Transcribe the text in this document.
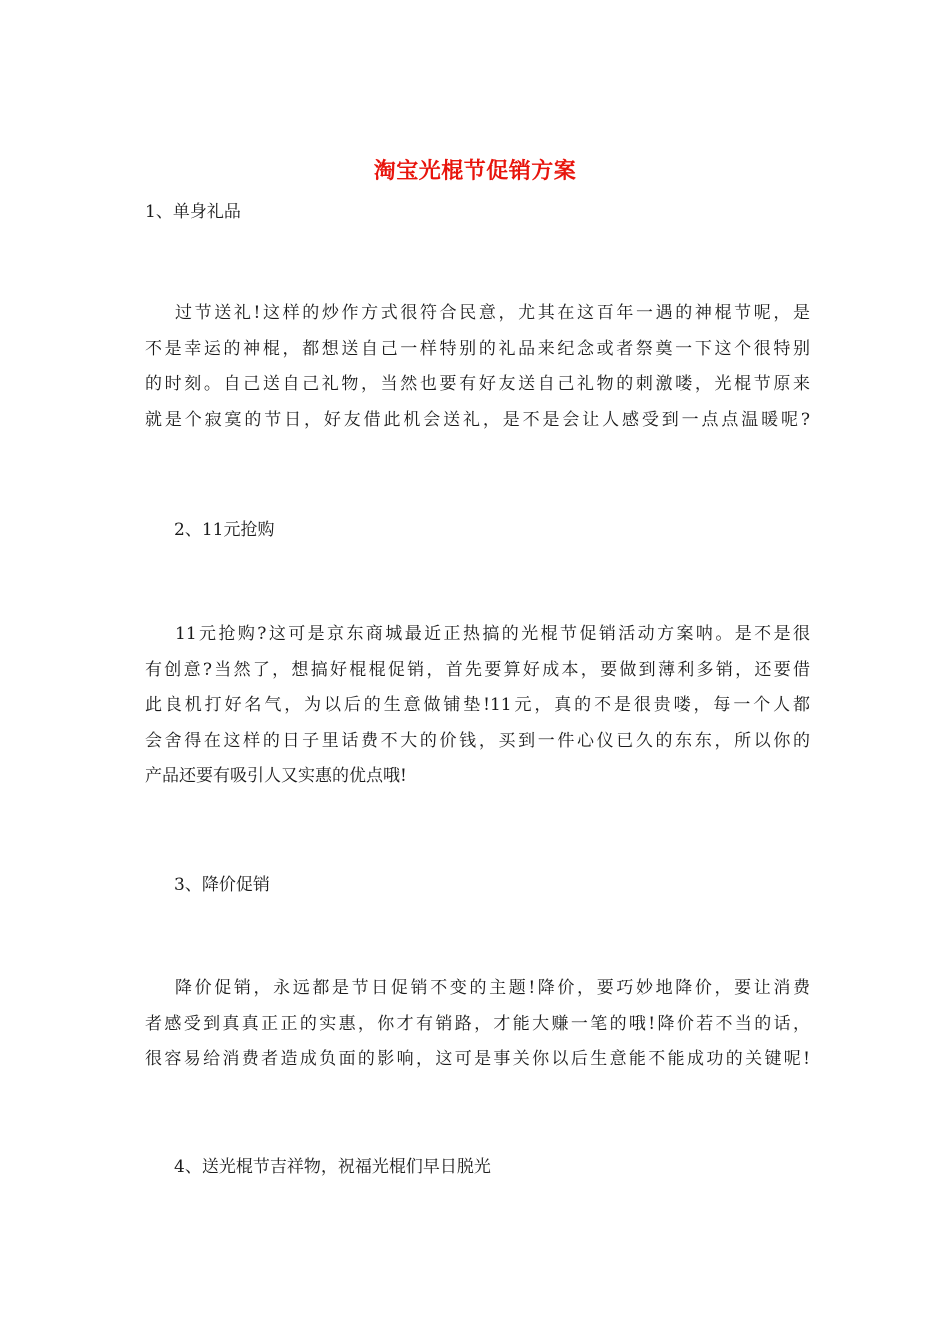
淘宝光棍节促销方案
1、单身礼品
过节送礼!这样的炒作方式很符合民意，尤其在这百年一遇的神棍节呢，是
不是幸运的神棍，都想送自己一样特别的礼品来纪念或者祭奠一下这个很特别
的时刻。自己送自己礼物，当然也要有好友送自己礼物的刺激喽，光棍节原来
就是个寂寞的节日，好友借此机会送礼，是不是会让人感受到一点点温暖呢?
2、11元抢购
11元抢购?这可是京东商城最近正热搞的光棍节促销活动方案呐。是不是很
有创意?当然了，想搞好棍棍促销，首先要算好成本，要做到薄利多销，还要借
此良机打好名气，为以后的生意做铺垫!11元，真的不是很贵喽，每一个人都
会舍得在这样的日子里话费不大的价钱，买到一件心仪已久的东东，所以你的
产品还要有吸引人又实惠的优点哦!
3、降价促销
降价促销，永远都是节日促销不变的主题!降价，要巧妙地降价，要让消费
者感受到真真正正的实惠，你才有销路，才能大赚一笔的哦!降价若不当的话，
很容易给消费者造成负面的影响，这可是事关你以后生意能不能成功的关键呢!
4、送光棍节吉祥物，祝福光棍们早日脱光
